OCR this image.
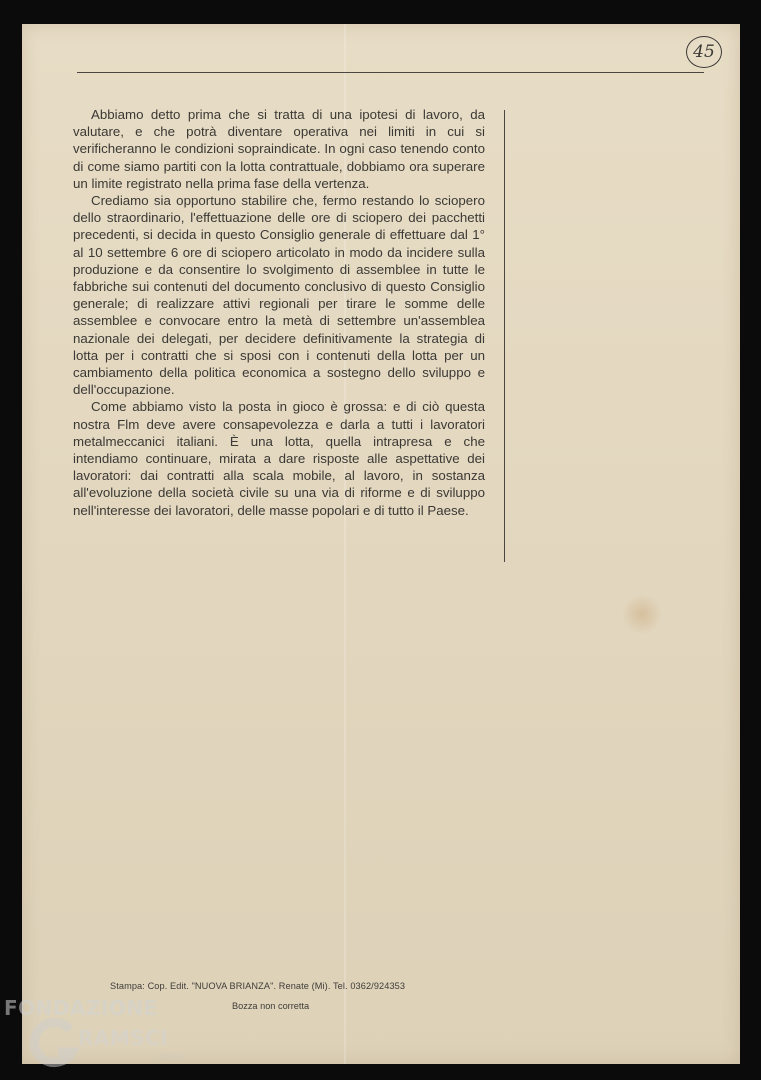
45

Abbiamo detto prima che si tratta di una ipotesi di lavoro, da valutare, e che potrà diventare operativa nei limiti in cui si verificheranno le condizioni sopraindicate. In ogni caso tenendo conto di come siamo partiti con la lotta contrattuale, dobbiamo ora superare un limite registrato nella prima fase della vertenza.

Crediamo sia opportuno stabilire che, fermo restando lo sciopero dello straordinario, l'effettuazione delle ore di sciopero dei pacchetti precedenti, si decida in questo Consiglio generale di effettuare dal 1° al 10 settembre 6 ore di sciopero articolato in modo da incidere sulla produzione e da consentire lo svolgimento di assemblee in tutte le fabbriche sui contenuti del documento conclusivo di questo Consiglio generale; di realizzare attivi regionali per tirare le somme delle assemblee e convocare entro la metà di settembre un'assemblea nazionale dei delegati, per decidere definitivamente la strategia di lotta per i contratti che si sposi con i contenuti della lotta per un cambiamento della politica economica a sostegno dello sviluppo e dell'occupazione.

Come abbiamo visto la posta in gioco è grossa: e di ciò questa nostra Flm deve avere consapevolezza e darla a tutti i lavoratori metalmeccanici italiani. È una lotta, quella intrapresa e che intendiamo continuare, mirata a dare risposte alle aspettative dei lavoratori: dai contratti alla scala mobile, al lavoro, in sostanza all'evoluzione della società civile su una via di riforme e di sviluppo nell'interesse dei lavoratori, delle masse popolari e di tutto il Paese.

Stampa: Cop. Edit. "NUOVA BRIANZA". Renate (Mi). Tel. 0362/924353
Bozza non corretta
FONDAZIONE
RAMSCI
onlus
